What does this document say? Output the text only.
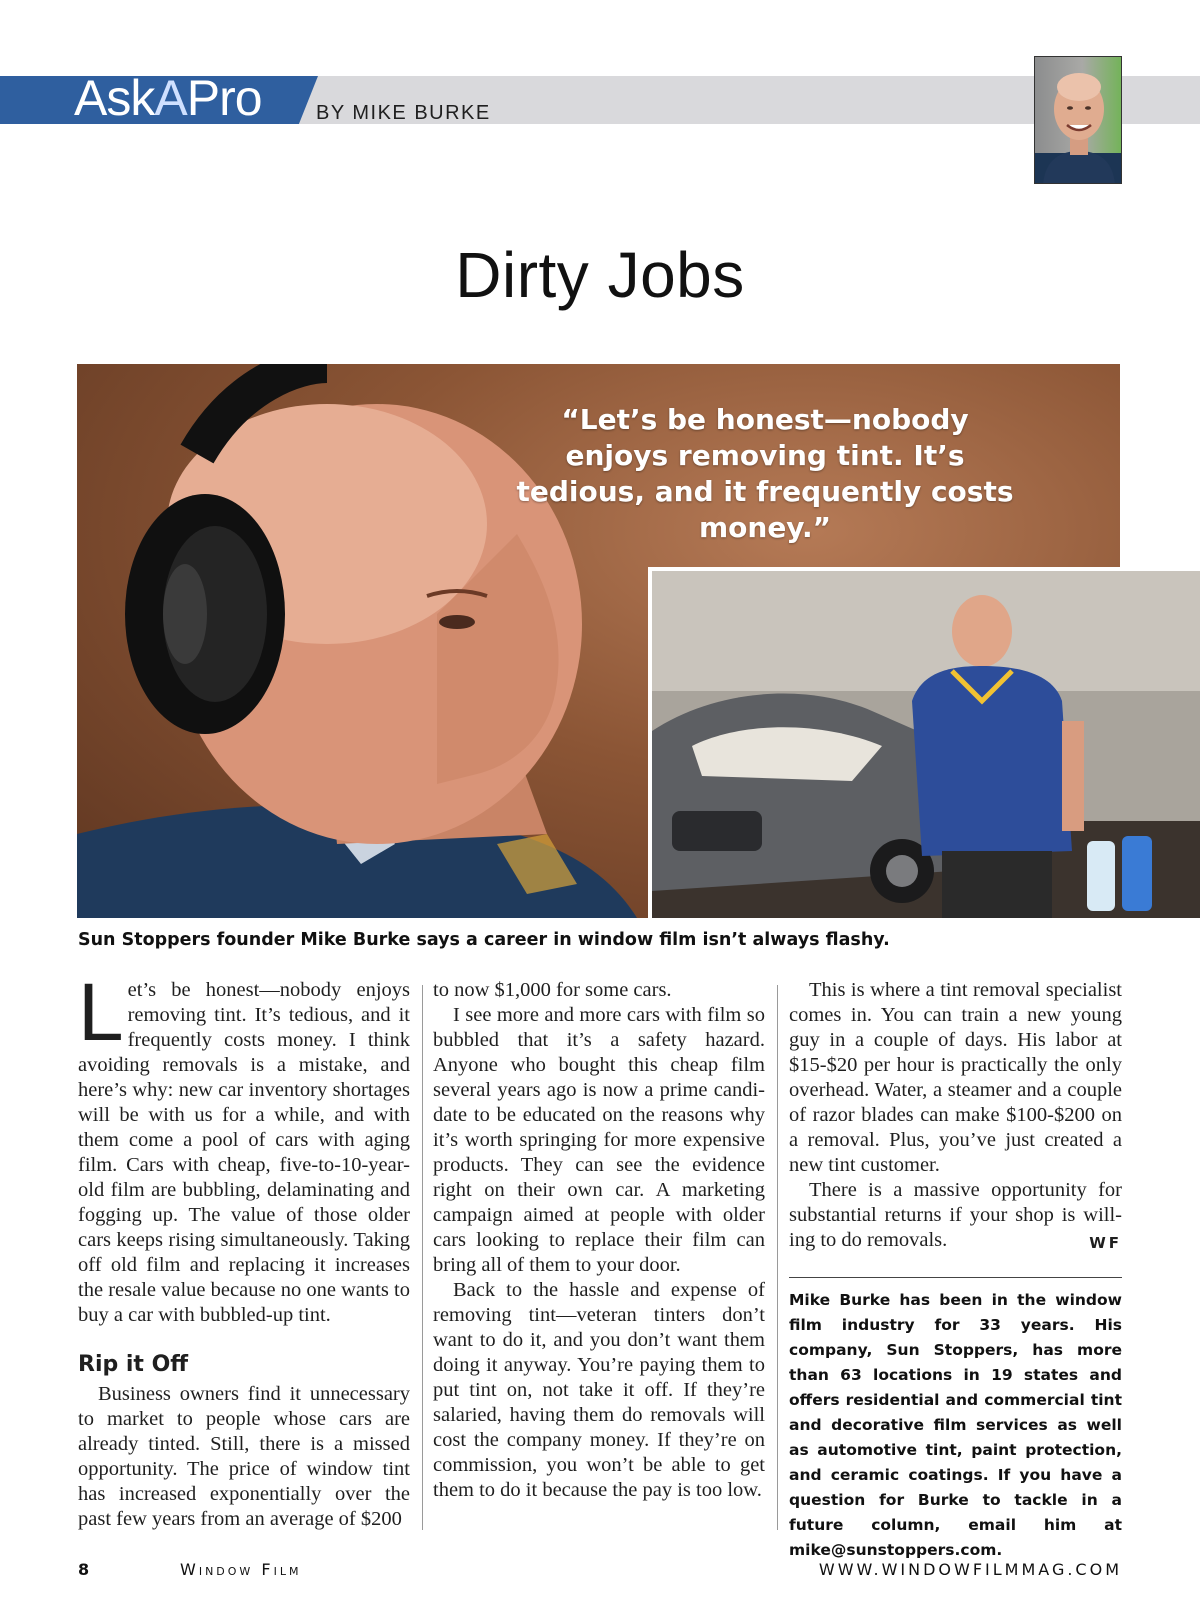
AskAPro	BY MIKE BURKE
Dirty Jobs
“Let’s be honest—nobody enjoys removing tint. It’s tedious, and it frequently costs money.”
Sun Stoppers founder Mike Burke says a career in window film isn’t always flashy.

Let’s be honest—nobody enjoys removing tint. It’s tedious, and it frequently costs money. I think avoiding removals is a mistake, and here’s why: new car inventory shortages will be with us for a while, and with them come a pool of cars with aging film. Cars with cheap, five-to-10-year-old film are bubbling, delaminating and fogging up. The value of those older cars keeps rising simultaneously. Taking off old film and replacing it increases the resale value because no one wants to buy a car with bubbled-up tint.

Rip it Off

Business owners find it unnecessary to market to people whose cars are already tinted. Still, there is a missed opportunity. The price of window tint has increased exponentially over the past few years from an average of $200

to now $1,000 for some cars.

I see more and more cars with film so bubbled that it’s a safety hazard. Anyone who bought this cheap film several years ago is now a prime candidate to be educated on the reasons why it’s worth springing for more expensive products. They can see the evidence right on their own car. A marketing campaign aimed at people with older cars looking to replace their film can bring all of them to your door.

Back to the hassle and expense of removing tint—veteran tinters don’t want to do it, and you don’t want them doing it anyway. You’re paying them to put tint on, not take it off. If they’re salaried, having them do removals will cost the company money. If they’re on commission, you won’t be able to get them to do it because the pay is too low.

This is where a tint removal specialist comes in. You can train a new young guy in a couple of days. His labor at $15-$20 per hour is practically the only overhead. Water, a steamer and a couple of razor blades can make $100-$200 on a removal. Plus, you’ve just created a new tint customer.

There is a massive opportunity for substantial returns if your shop is willing to do removals.	WF

Mike Burke has been in the window film industry for 33 years. His company, Sun Stoppers, has more than 63 locations in 19 states and offers residential and commercial tint and decorative film services as well as automotive tint, paint protection, and ceramic coatings. If you have a question for Burke to tackle in a future column, email him at mike@sunstoppers.com.
8	Window Film	WWW.WINDOWFILMMAG.COM
